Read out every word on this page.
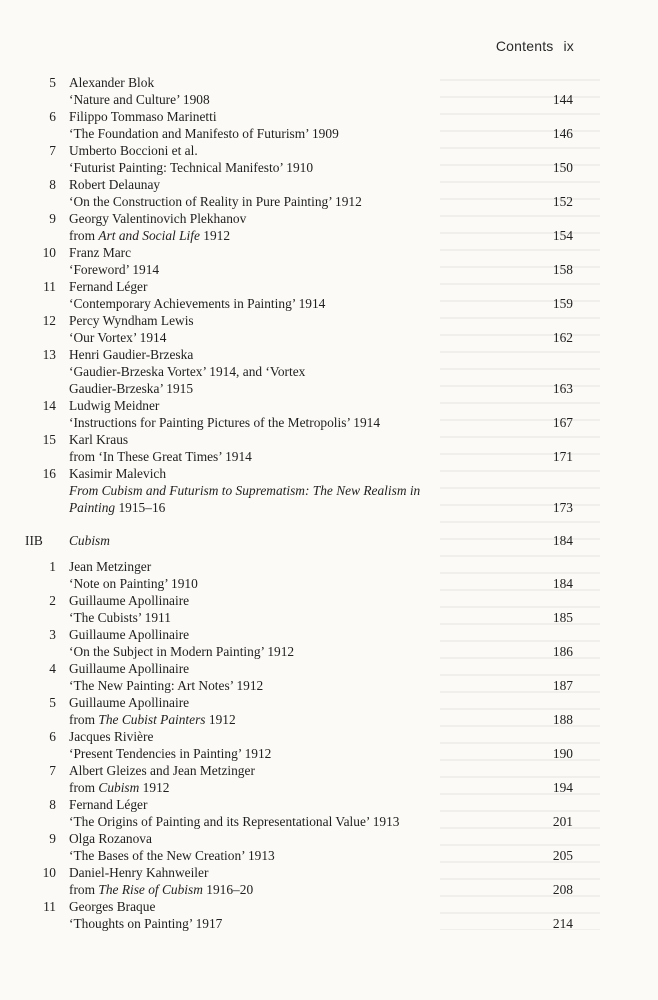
Contents ix
5 Alexander Blok
‘Nature and Culture’ 1908	144
6 Filippo Tommaso Marinetti
‘The Foundation and Manifesto of Futurism’ 1909	146
7 Umberto Boccioni et al.
‘Futurist Painting: Technical Manifesto’ 1910	150
8 Robert Delaunay
‘On the Construction of Reality in Pure Painting’ 1912	152
9 Georgy Valentinovich Plekhanov
from Art and Social Life 1912	154
10 Franz Marc
‘Foreword’ 1914	158
11 Fernand Léger
‘Contemporary Achievements in Painting’ 1914	159
12 Percy Wyndham Lewis
‘Our Vortex’ 1914	162
13 Henri Gaudier-Brzeska
‘Gaudier-Brzeska Vortex’ 1914, and ‘Vortex
Gaudier-Brzeska’ 1915	163
14 Ludwig Meidner
‘Instructions for Painting Pictures of the Metropolis’ 1914	167
15 Karl Kraus
from ‘In These Great Times’ 1914	171
16 Kasimir Malevich
From Cubism and Futurism to Suprematism: The New Realism in
Painting 1915–16	173
IIB Cubism	184
1 Jean Metzinger
‘Note on Painting’ 1910	184
2 Guillaume Apollinaire
‘The Cubists’ 1911	185
3 Guillaume Apollinaire
‘On the Subject in Modern Painting’ 1912	186
4 Guillaume Apollinaire
‘The New Painting: Art Notes’ 1912	187
5 Guillaume Apollinaire
from The Cubist Painters 1912	188
6 Jacques Rivière
‘Present Tendencies in Painting’ 1912	190
7 Albert Gleizes and Jean Metzinger
from Cubism 1912	194
8 Fernand Léger
‘The Origins of Painting and its Representational Value’ 1913	201
9 Olga Rozanova
‘The Bases of the New Creation’ 1913	205
10 Daniel-Henry Kahnweiler
from The Rise of Cubism 1916–20	208
11 Georges Braque
‘Thoughts on Painting’ 1917	214
